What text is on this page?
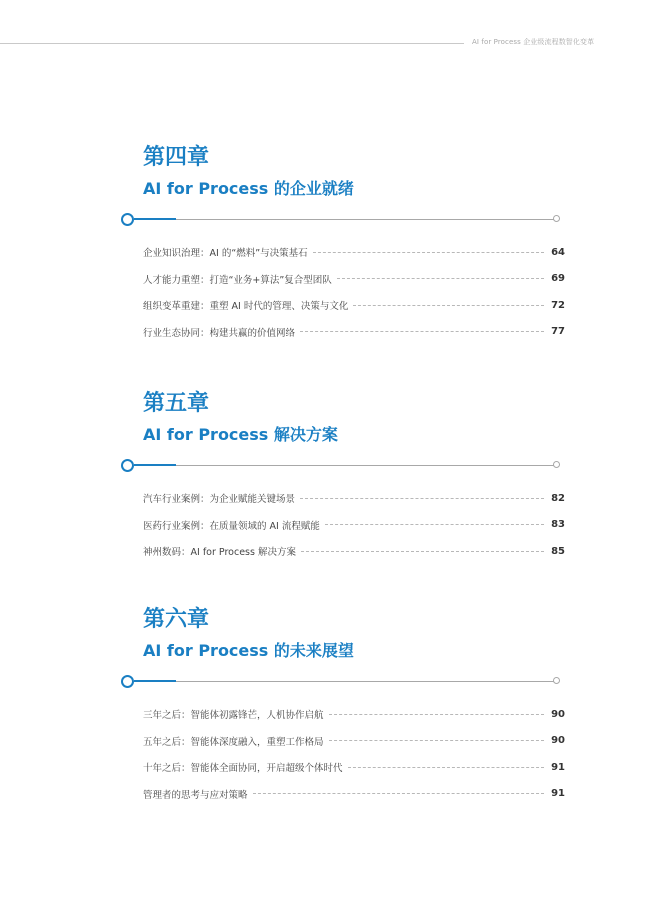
AI for Process 企业级流程数智化变革
第四章
AI for Process 的企业就绪
企业知识治理：AI 的“燃料”与决策基石	64
人才能力重塑：打造“业务+算法”复合型团队	69
组织变革重建：重塑 AI 时代的管理、决策与文化	72
行业生态协同：构建共赢的价值网络	77
第五章
AI for Process 解决方案
汽车行业案例：为企业赋能关键场景	82
医药行业案例：在质量领域的 AI 流程赋能	83
神州数码：AI for Process 解决方案	85
第六章
AI for Process 的未来展望
三年之后：智能体初露锋芒，人机协作启航	90
五年之后：智能体深度融入，重塑工作格局	90
十年之后：智能体全面协同，开启超级个体时代	91
管理者的思考与应对策略	91
